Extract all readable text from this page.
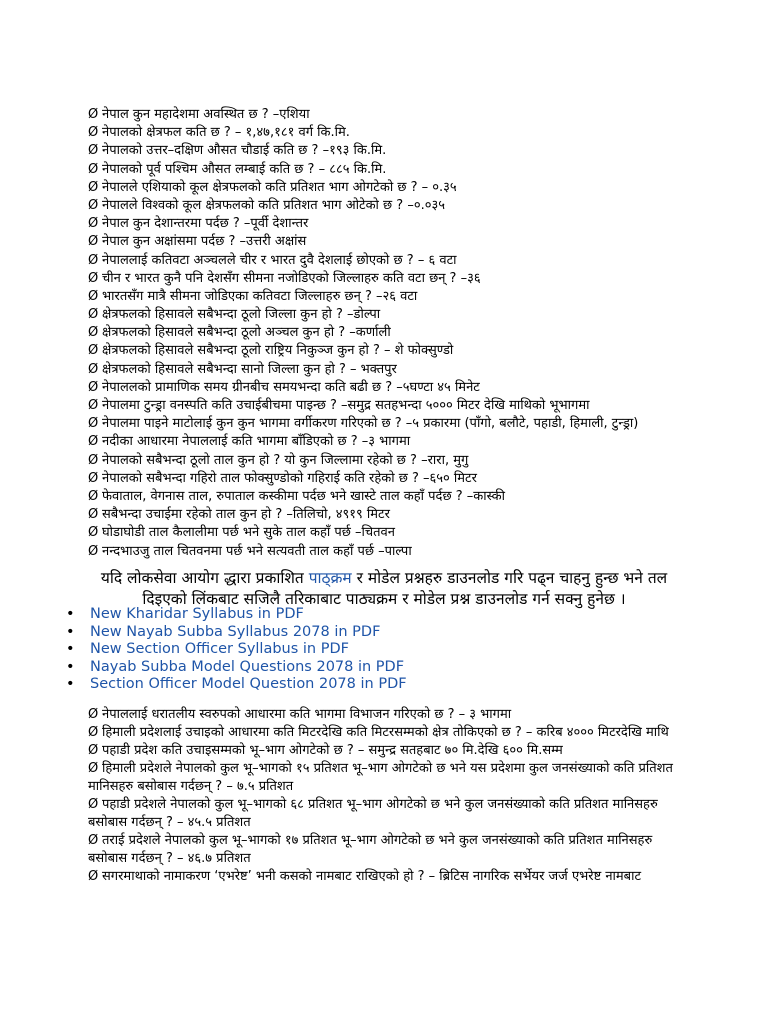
Ø नेपाल कुन महादेशमा अवस्थित छ ? –एशिया
Ø नेपालको क्षेत्रफल कति छ ? – १,४७,१८१ वर्ग कि.मि.
Ø नेपालको उत्तर–दक्षिण औसत चौडाई कति छ ? –१९३ कि.मि.
Ø नेपालको पूर्व पश्चिम औसत लम्बाई कति छ ? – ८८५ कि.मि.
Ø नेपालले एशियाको कूल क्षेत्रफलको कति प्रतिशत भाग ओगटेको छ ? – ०.३५
Ø नेपालले विश्वको कूल क्षेत्रफलको कति प्रतिशत भाग ओटेको छ ? –०.०३५
Ø नेपाल कुन देशान्तरमा पर्दछ ? –पूर्वी देशान्तर
Ø नेपाल कुन अक्षांसमा पर्दछ ? –उत्तरी अक्षांस
Ø नेपाललाई कतिवटा अञ्चलले चीर र भारत दुवै देशलाई छोएको छ ? – ६ वटा
Ø चीन र भारत कुनै पनि देशसँग सीमना नजोडिएको जिल्लाहरु कति वटा छन् ? –३६
Ø भारतसँग मात्रै सीमना जोडिएका कतिवटा जिल्लाहरु छन् ? –२६ वटा
Ø क्षेत्रफलको हिसावले सबैभन्दा ठूलो जिल्ला कुन हो ? –डोल्पा
Ø क्षेत्रफलको हिसावले सबैभन्दा ठूलो अञ्चल कुन हो ? –कर्णाली
Ø क्षेत्रफलको हिसावले सबैभन्दा ठूलो राष्ट्रिय निकुञ्ज कुन हो ? – शे फोक्सुण्डो
Ø क्षेत्रफलको हिसावले सबैभन्दा सानो जिल्ला कुन हो ? – भक्तपुर
Ø नेपाललको प्रामाणिक समय ग्रीनबीच समयभन्दा कति बढी छ ? –५घण्टा ४५ मिनेट
Ø नेपालमा टुन्ड्रा वनस्पति कति उचाईबीचमा पाइन्छ ? –समुद्र सतहभन्दा ५००० मिटर देखि माथिको भूभागमा
Ø नेपालमा पाइने माटोलाई कुन कुन भागमा वर्गीकरण गरिएको छ ? –५ प्रकारमा (पाँगो, बलौटे, पहाडी, हिमाली, टुन्ड्रा)
Ø नदीका आधारमा नेपाललाई कति भागमा बाँडिएको छ ? –३ भागमा
Ø नेपालको सबैभन्दा ठूलो ताल कुन हो ? यो कुन जिल्लामा रहेको छ ? –रारा, मुगु
Ø नेपालको सबैभन्दा गहिरो ताल फोक्सुण्डोको गहिराई कति रहेको छ ? –६५० मिटर
Ø फेवाताल, वेगनास ताल, रुपाताल कस्कीमा पर्दछ भने खास्टे ताल कहाँ पर्दछ ? –कास्की
Ø सबैभन्दा उचाईमा रहेको ताल कुन हो ? –तिलिचो, ४९१९ मिटर
Ø घोडाघोडी ताल कैलालीमा पर्छ भने सुके ताल कहाँ पर्छ –चितवन
Ø नन्दभाउजु ताल चितवनमा पर्छ भने सत्यवती ताल कहाँ पर्छ –पाल्पा
यदि लोकसेवा आयोग द्धारा प्रकाशित पाठ्क्रम र मोडेल प्रश्नहरु डाउनलोड गरि पढ्न चाहनु हुन्छ भने तल दिइएको लिंकबाट सजिलै तरिकाबाट पाठ्यक्रम र मोडेल प्रश्न डाउनलोड गर्न सक्नु हुनेछ ।
• New Kharidar Syllabus in PDF
• New Nayab Subba Syllabus 2078 in PDF
• New Section Officer Syllabus in PDF
• Nayab Subba Model Questions 2078 in PDF
• Section Officer Model Question 2078 in PDF
Ø नेपाललाई धरातलीय स्वरुपको आधारमा कति भागमा विभाजन गरिएको छ ? – ३ भागमा
Ø हिमाली प्रदेशलाई उचाइको आधारमा कति मिटरदेखि कति मिटरसम्मको क्षेत्र तोकिएको छ ? – करिब ४००० मिटरदेखि माथि
Ø पहाडी प्रदेश कति उचाइसम्मको भू–भाग ओगटेको छ ? – समुन्द्र सतहबाट ७० मि.देखि ६०० मि.सम्म
Ø हिमाली प्रदेशले नेपालको कुल भू–भागको १५ प्रतिशत भू–भाग ओगटेको छ भने यस प्रदेशमा कुल जनसंख्याको कति प्रतिशत मानिसहरु बसोबास गर्दछन् ? – ७.५ प्रतिशत
Ø पहाडी प्रदेशले नेपालको कुल भू–भागको ६८ प्रतिशत भू–भाग ओगटेको छ भने कुल जनसंख्याको कति प्रतिशत मानिसहरु बसोबास गर्दछन् ? – ४५.५ प्रतिशत
Ø तराई प्रदेशले नेपालको कुल भू–भागको १७ प्रतिशत भू–भाग ओगटेको छ भने कुल जनसंख्याको कति प्रतिशत मानिसहरु बसोबास गर्दछन् ? – ४६.७ प्रतिशत
Ø सगरमाथाको नामाकरण ‘एभरेष्ट’ भनी कसको नामबाट राखिएको हो ? – ब्रिटिस नागरिक सर्भेयर जर्ज एभरेष्ट नामबाट
